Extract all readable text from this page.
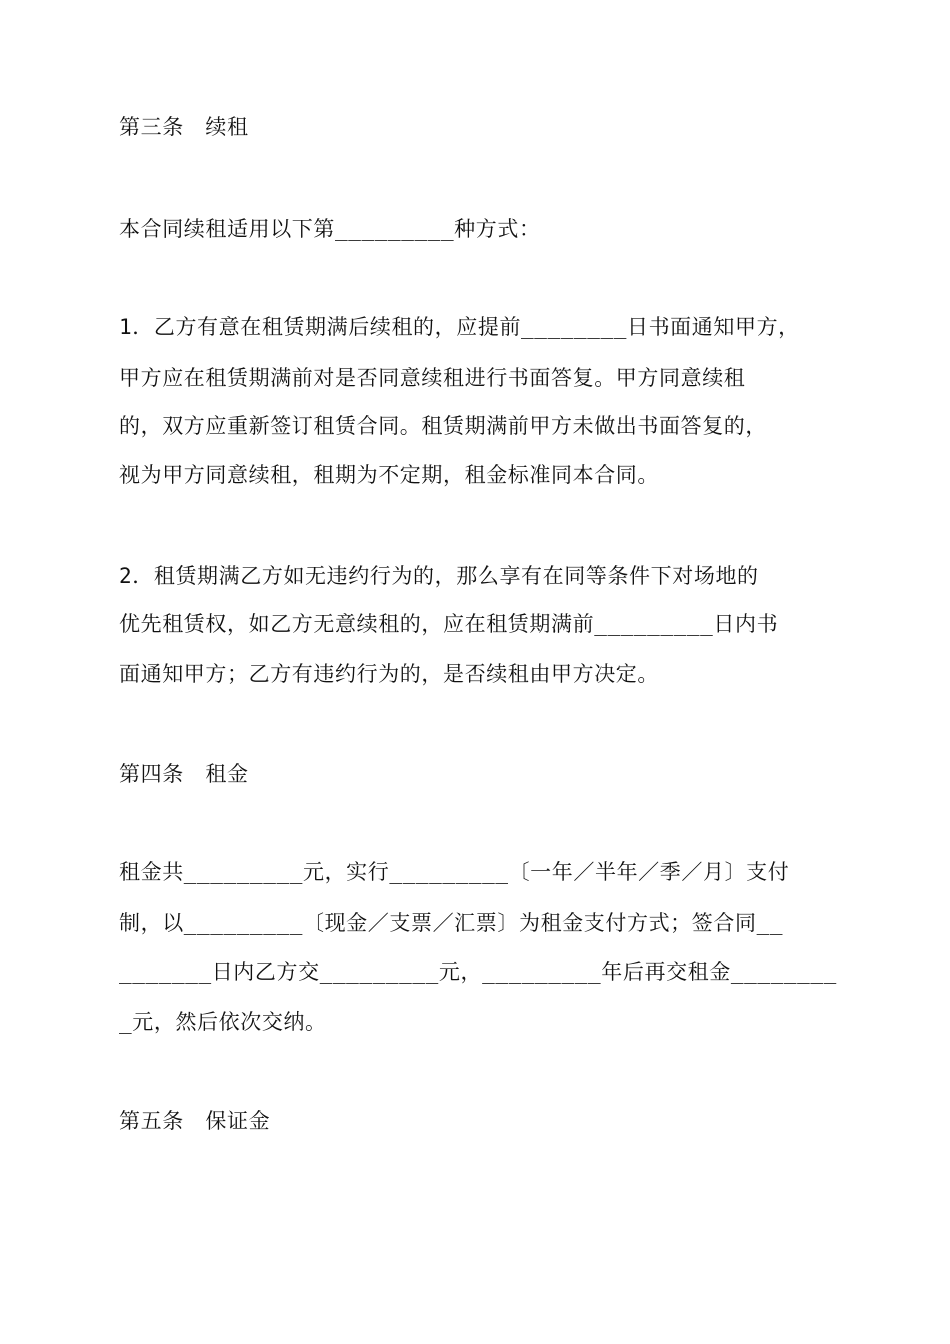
第三条　续租
本合同续租适用以下第_________种方式：
1．乙方有意在租赁期满后续租的，应提前________日书面通知甲方，
甲方应在租赁期满前对是否同意续租进行书面答复。甲方同意续租
的，双方应重新签订租赁合同。租赁期满前甲方未做出书面答复的，
视为甲方同意续租，租期为不定期，租金标准同本合同。
2．租赁期满乙方如无违约行为的，那么享有在同等条件下对场地的
优先租赁权，如乙方无意续租的，应在租赁期满前_________日内书
面通知甲方；乙方有违约行为的，是否续租由甲方决定。
第四条　租金
租金共_________元，实行_________〔一年／半年／季／月〕支付
制，以_________〔现金／支票／汇票〕为租金支付方式；签合同__
_______日内乙方交_________元，_________年后再交租金________
_元，然后依次交纳。
第五条　保证金
